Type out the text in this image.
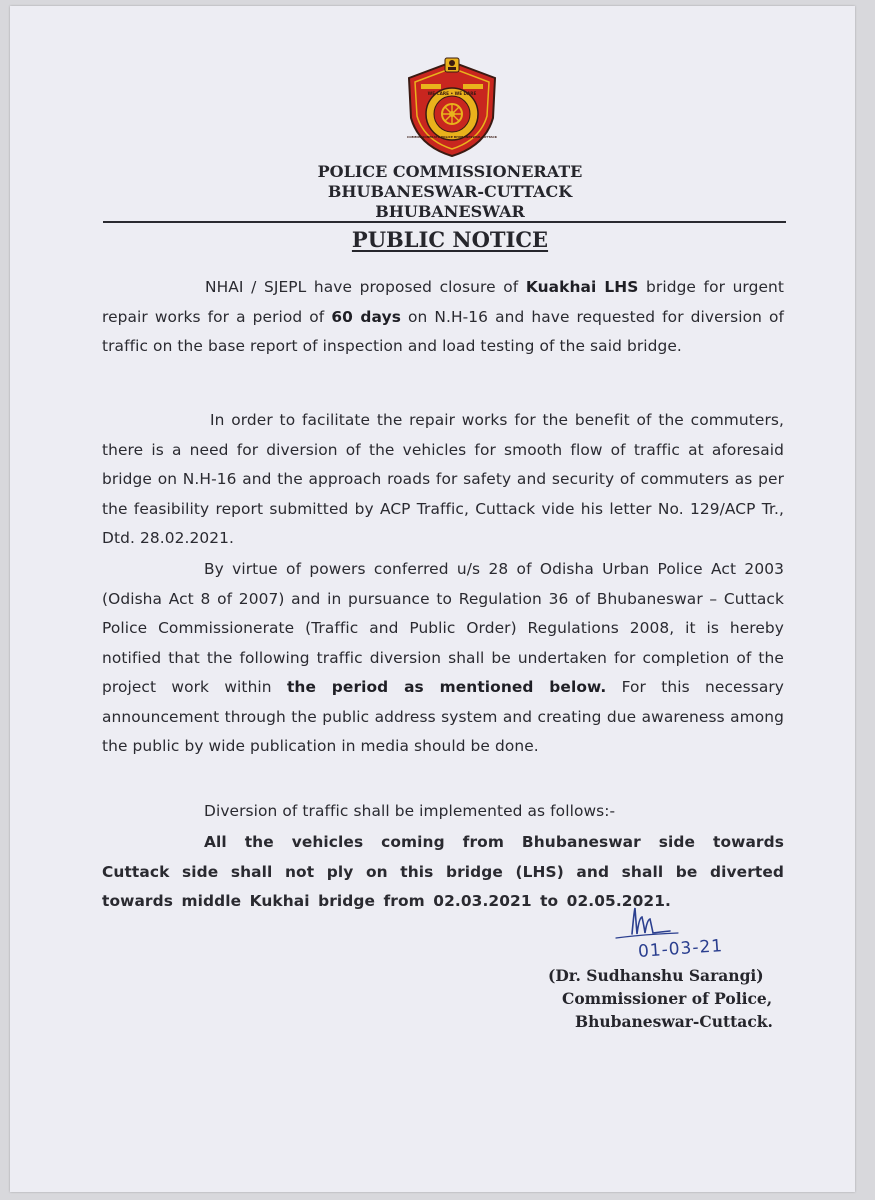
WE CARE • WE DARE
COMMISSIONERATE POLICE BHUBANESWAR-CUTTACK
POLICE COMMISSIONERATE
BHUBANESWAR-CUTTACK
BHUBANESWAR
PUBLIC NOTICE

NHAI / SJEPL have proposed closure of Kuakhai LHS bridge for urgent repair works for a period of 60 days on N.H-16 and have requested for diversion of traffic on the base report of inspection and load testing of the said bridge.

In order to facilitate the repair works for the benefit of the commuters, there is a need for diversion of the vehicles for smooth flow of traffic at aforesaid bridge on N.H-16 and the approach roads for safety and security of commuters as per the feasibility report submitted by ACP Traffic, Cuttack vide his letter No. 129/ACP Tr., Dtd. 28.02.2021.

By virtue of powers conferred u/s 28 of Odisha Urban Police Act 2003 (Odisha Act 8 of 2007) and in pursuance to Regulation 36 of Bhubaneswar – Cuttack Police Commissionerate (Traffic and Public Order) Regulations 2008, it is hereby notified that the following traffic diversion shall be undertaken for completion of the project work within the period as mentioned below. For this necessary announcement through the public address system and creating due awareness among the public by wide publication in media should be done.

Diversion of traffic shall be implemented as follows:-

All the vehicles coming from Bhubaneswar side towards Cuttack side shall not ply on this bridge (LHS) and shall be diverted towards middle Kukhai bridge from 02.03.2021 to 02.05.2021.

01-03-21
(Dr. Sudhanshu Sarangi)
Commissioner of Police,
Bhubaneswar-Cuttack.
